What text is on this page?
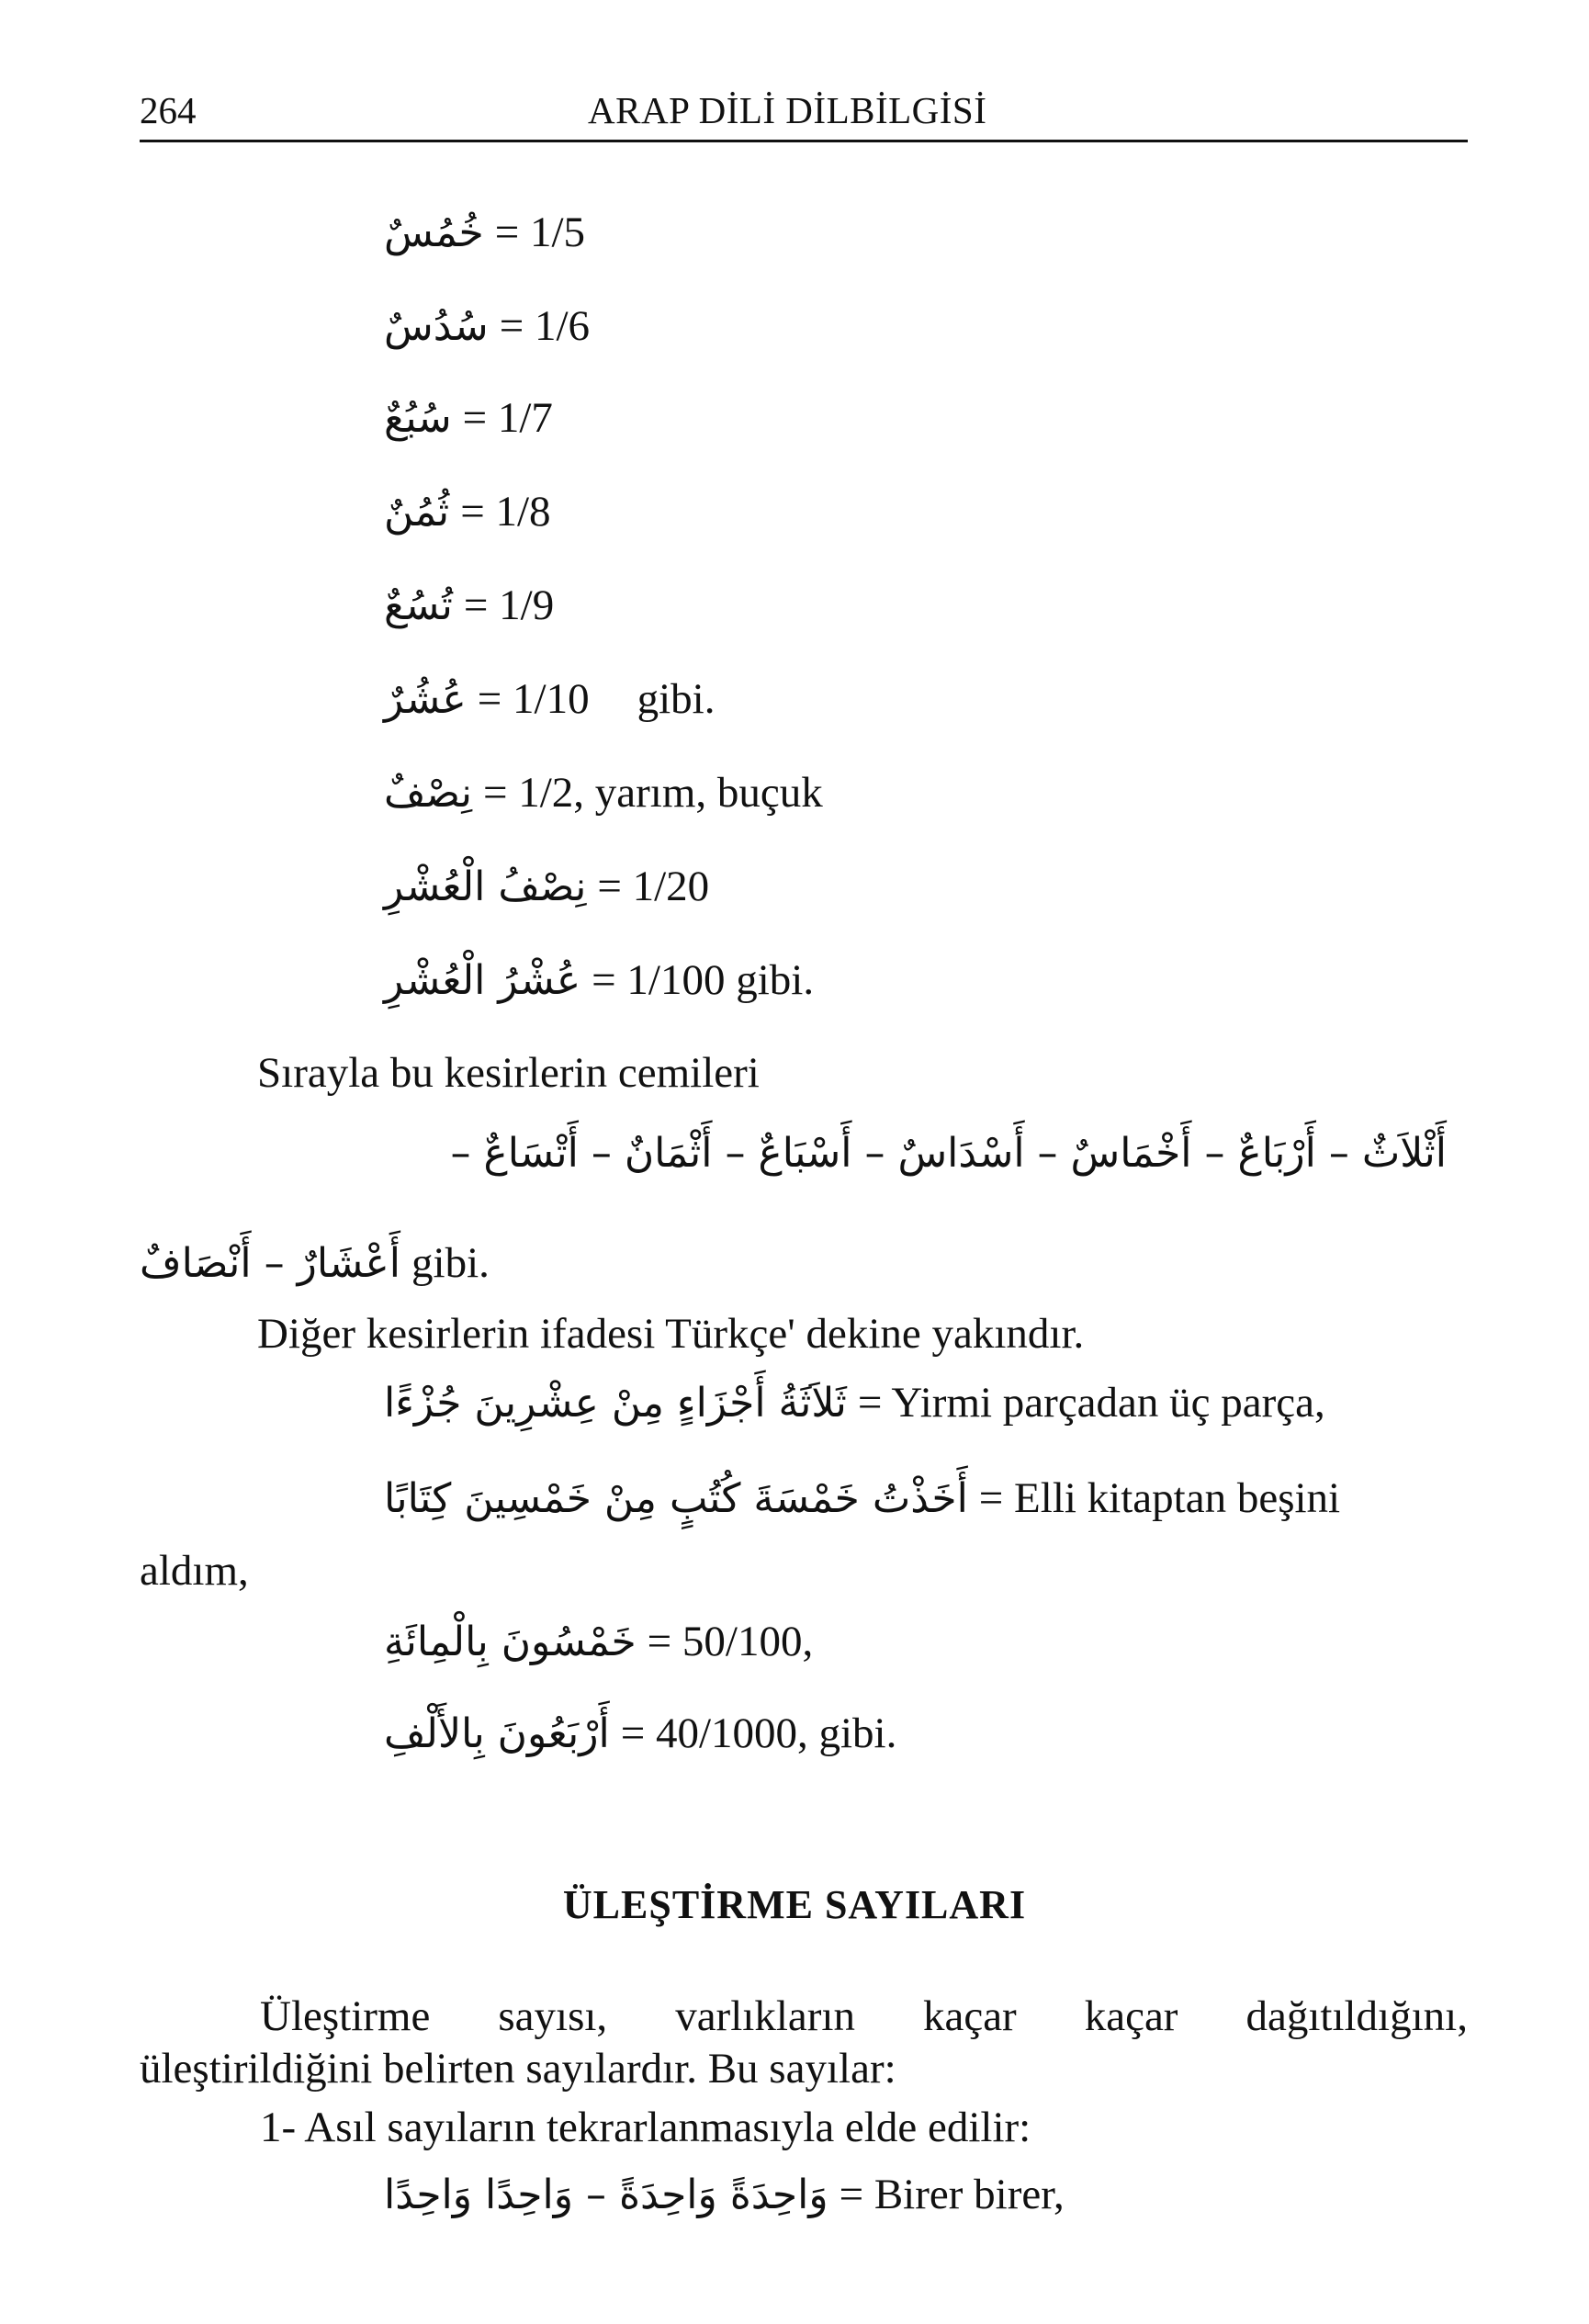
264	ARAP DİLİ DİLBİLGİSİ
خُمُسٌ = 1/5
سُدُسٌ = 1/6
سُبُعٌ = 1/7
ثُمُنٌ = 1/8
تُسُعٌ = 1/9
عُشُرٌ = 1/10 gibi.
نِصْفٌ = 1/2, yarım, buçuk
نِصْفُ الْعُشْرِ = 1/20
عُشْرُ الْعُشْرِ = 1/100 gibi.
Sırayla bu kesirlerin cemileri
أَثْلاَثٌ – أَرْبَاعٌ – أَخْمَاسٌ – أَسْدَاسٌ – أَسْبَاعٌ – أَثْمَانٌ – أَتْسَاعٌ –
أَعْشَارٌ – أَنْصَافٌ gibi.
Diğer kesirlerin ifadesi Türkçe' dekine yakındır.
ثَلاَثَةُ أَجْزَاءٍ مِنْ عِشْرِينَ جُزْءًا = Yirmi parçadan üç parça,
أَخَذْتُ خَمْسَةَ كُتُبٍ مِنْ خَمْسِينَ كِتَابًا = Elli kitaptan beşini
aldım,
خَمْسُونَ بِالْمِائَةِ = 50/100,
أَرْبَعُونَ بِالأَلْفِ = 40/1000, gibi.
ÜLEŞTİRME SAYILARI
Üleştirme sayısı, varlıkların kaçar kaçar dağıtıldığını,
üleştirildiğini belirten sayılardır. Bu sayılar:
1- Asıl sayıların tekrarlanmasıyla elde edilir:
وَاحِدَةً وَاحِدَةً – وَاحِدًا وَاحِدًا = Birer birer,
